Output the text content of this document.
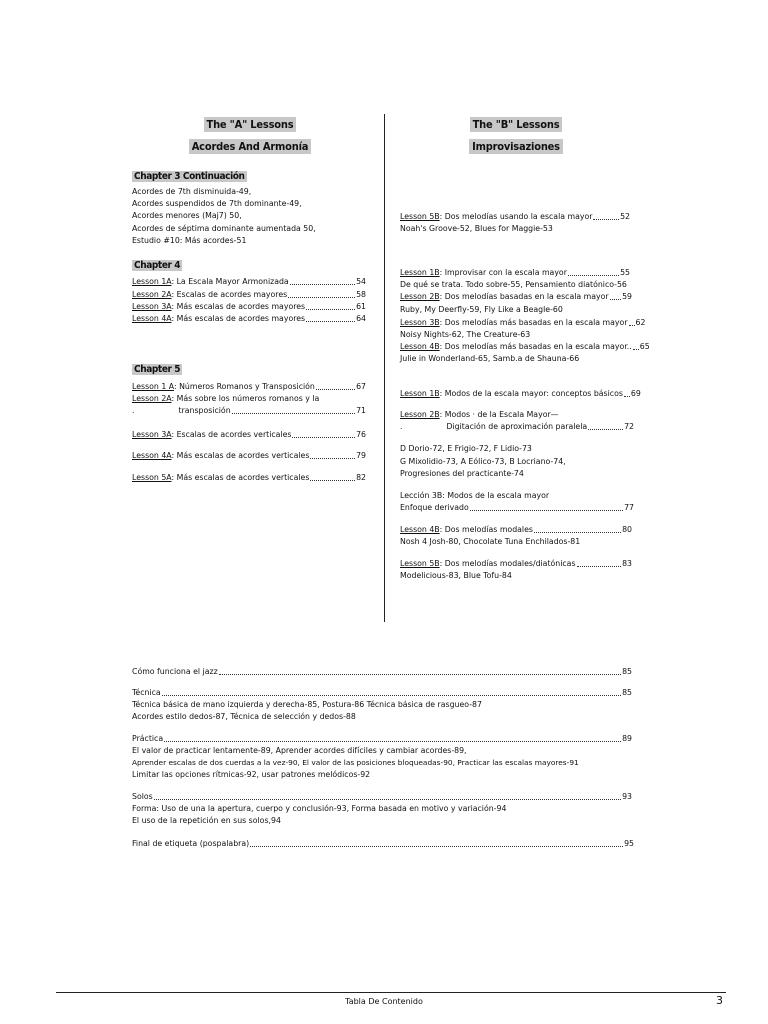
The "A" Lessons
Acordes And Armonía
Chapter 3 Continuación
Acordes de 7th disminuida-49,
Acordes suspendidos de 7th dominante-49,
Acordes menores (Maj7) 50,
Acordes de séptima dominante aumentada 50,
Estudio #10: Más acordes-51
Chapter 4
Lesson 1A: La Escala Mayor Armonizada	54
Lesson 2A: Escalas de acordes mayores	58
Lesson 3A: Más escalas de acordes mayores	61
Lesson 4A: Más escalas de acordes mayores	64
Chapter 5
Lesson 1 A: Números Romanos y Transposición	67
Lesson 2A: Más sobre los números romanos y la
.	transposición	71
Lesson 3A: Escalas de acordes verticales	76
Lesson 4A: Más escalas de acordes verticales	79
Lesson 5A: Más escalas de acordes verticales	82
The "B" Lessons
Improvisaziones
Lesson 5B: Dos melodías usando la escala mayor	52
Noah's Groove-52, Blues for Maggie-53
Lesson 1B: Improvisar con la escala mayor	55
De qué se trata. Todo sobre-55, Pensamiento diatónico-56
Lesson 2B: Dos melodías basadas en la escala mayor 59
Ruby, My Deerfly-59, Fly Like a Beagle-60
Lesson 3B: Dos melodías más basadas en la escala mayor 62
Noisy Nights-62, The Creature-63
Lesson 4B: Dos melodías más basadas en la escala mayor.. 65
Julie in Wonderland-65, Samb.a de Shauna-66
Lesson 1B: Modos de la escala mayor: conceptos básicos 69
Lesson 2B: Modos · de la Escala Mayor—
.	Digitación de aproximación paralela	72
D Dorio-72, E Frigio-72, F Lidio-73
G Mixolidio-73, A Eólico-73, B Locriano-74,
Progresiones del practicante-74
Lección 3B: Modos de la escala mayor
Enfoque derivado	77
Lesson 4B: Dos melodías modales	80
Nosh 4 Josh-80, Chocolate Tuna Enchilados-81
Lesson 5B: Dos melodías modales/diatónicas	83
Modelicious-83, Blue Tofu-84
Cómo funciona el jazz	85
Técnica	85
Técnica básica de mano izquierda y derecha-85, Postura-86 Técnica básica de rasgueo-87
Acordes estilo dedos-87, Técnica de selección y dedos-88
Práctica	89
El valor de practicar lentamente-89, Aprender acordes difíciles y cambiar acordes-89,
Aprender escalas de dos cuerdas a la vez-90, El valor de las posiciones bloqueadas-90, Practicar las escalas mayores-91
Limitar las opciones rítmicas-92, usar patrones melódicos-92
Solos	93
Forma: Uso de una la apertura, cuerpo y conclusión-93, Forma basada en motivo y variación-94
El uso de la repetición en sus solos,94
Final de etiqueta (pospalabra)	95
Tabla De Contenido	3
